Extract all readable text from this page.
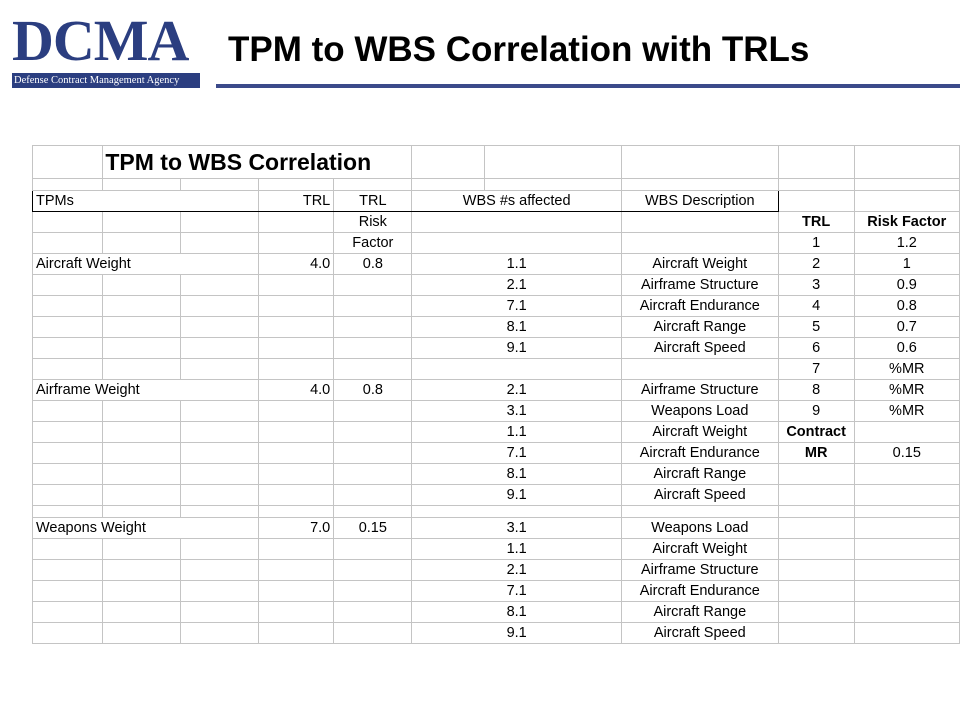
DCMA
Defense Contract Management Agency
TPM to WBS Correlation with TRLs
	TPM to WBS Correlation								

TPMs			TRL	TRL	WBS #s affected		WBS Description		
				Risk				TRL	Risk Factor
				Factor				1	1.2
Aircraft Weight			4.0	0.8	1.1		Aircraft Weight	2	1
					2.1		Airframe Structure	3	0.9
					7.1		Aircraft Endurance	4	0.8
					8.1		Aircraft Range	5	0.7
					9.1		Aircraft Speed	6	0.6
								7	%MR
Airframe Weight			4.0	0.8	2.1		Airframe Structure	8	%MR
					3.1		Weapons Load	9	%MR
					1.1		Aircraft Weight	Contract	
					7.1		Aircraft Endurance	MR	0.15
					8.1		Aircraft Range		
					9.1		Aircraft Speed		

Weapons Weight			7.0	0.15	3.1		Weapons Load		
					1.1		Aircraft Weight		
					2.1		Airframe Structure		
					7.1		Aircraft Endurance		
					8.1		Aircraft Range		
					9.1		Aircraft Speed		
